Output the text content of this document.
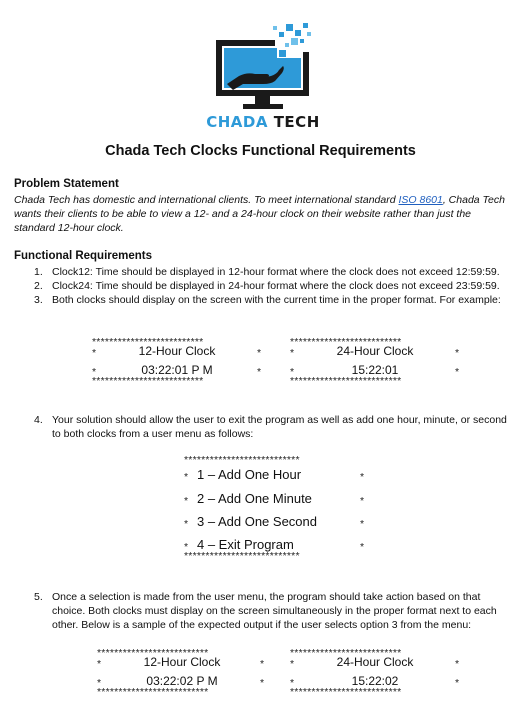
CHADA TECH
Chada Tech Clocks Functional Requirements
Problem Statement
Chada Tech has domestic and international clients. To meet international standard ISO 8601, Chada Tech wants their clients to be able to view a 12- and a 24-hour clock on their website rather than just the standard 12-hour clock.
Functional Requirements
1. Clock12: Time should be displayed in 12-hour format where the clock does not exceed 12:59:59.
2. Clock24: Time should be displayed in 24-hour format where the clock does not exceed 23:59:59.
3. Both clocks should display on the screen with the current time in the proper format. For example:
**************************
*	12-Hour Clock	*
*	03:22:01 P M	*
**************************
**************************
*	24-Hour Clock	*
*	15:22:01	*
**************************
4. Your solution should allow the user to exit the program as well as add one hour, minute, or second to both clocks from a user menu as follows:
***************************
* 1 – Add One Hour	*
* 2 – Add One Minute	*
* 3 – Add One Second	*
* 4 – Exit Program	*
***************************
5. Once a selection is made from the user menu, the program should take action based on that choice. Both clocks must display on the screen simultaneously in the proper format next to each other. Below is a sample of the expected output if the user selects option 3 from the menu:
**************************
*	12-Hour Clock	*
*	03:22:02 P M	*
**************************
**************************
*	24-Hour Clock	*
*	15:22:02	*
**************************
